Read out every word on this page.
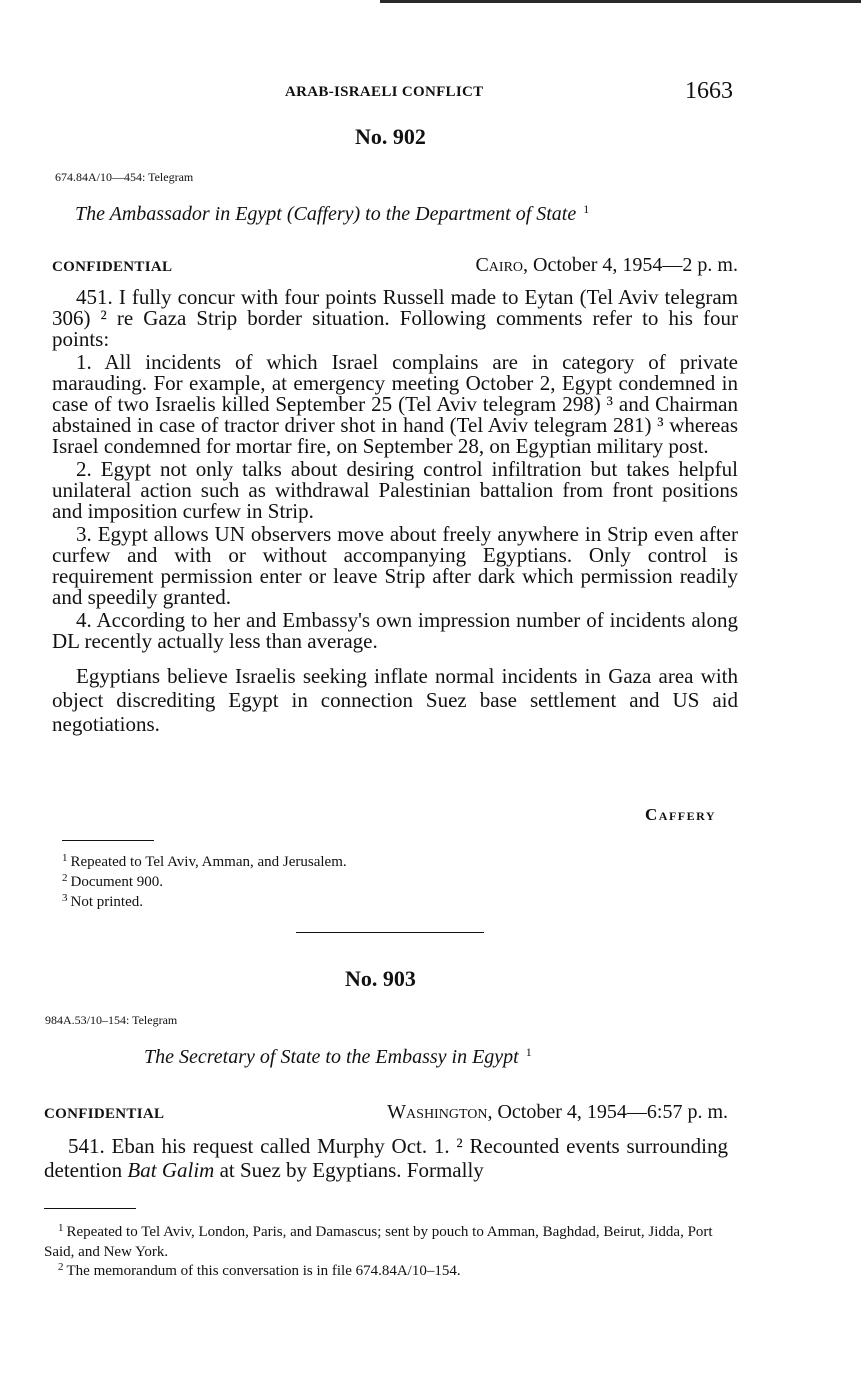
ARAB-ISRAELI CONFLICT	1663
No. 902
674.84A/10—454: Telegram
The Ambassador in Egypt (Caffery) to the Department of State $^1$
CONFIDENTIAL	Cairo, October 4, 1954—2 p. m.

451. I fully concur with four points Russell made to Eytan (Tel Aviv telegram 306) ² re Gaza Strip border situation. Following comments refer to his four points:

1. All incidents of which Israel complains are in category of private marauding. For example, at emergency meeting October 2, Egypt condemned in case of two Israelis killed September 25 (Tel Aviv telegram 298) ³ and Chairman abstained in case of tractor driver shot in hand (Tel Aviv telegram 281) ³ whereas Israel condemned for mortar fire, on September 28, on Egyptian military post.

2. Egypt not only talks about desiring control infiltration but takes helpful unilateral action such as withdrawal Palestinian battalion from front positions and imposition curfew in Strip.

3. Egypt allows UN observers move about freely anywhere in Strip even after curfew and with or without accompanying Egyptians. Only control is requirement permission enter or leave Strip after dark which permission readily and speedily granted.

4. According to her and Embassy's own impression number of incidents along DL recently actually less than average.

Egyptians believe Israelis seeking inflate normal incidents in Gaza area with object discrediting Egypt in connection Suez base settlement and US aid negotiations.

Caffery
$^1$ Repeated to Tel Aviv, Amman, and Jerusalem.
$^2$ Document 900.
$^3$ Not printed.
No. 903
984A.53/10–154: Telegram
The Secretary of State to the Embassy in Egypt $^1$
CONFIDENTIAL	Washington, October 4, 1954—6:57 p. m.

541. Eban his request called Murphy Oct. 1. ² Recounted events surrounding detention Bat Galim at Suez by Egyptians. Formally

$^1$ Repeated to Tel Aviv, London, Paris, and Damascus; sent by pouch to Amman, Baghdad, Beirut, Jidda, Port Said, and New York.
$^2$ The memorandum of this conversation is in file 674.84A/10–154.
